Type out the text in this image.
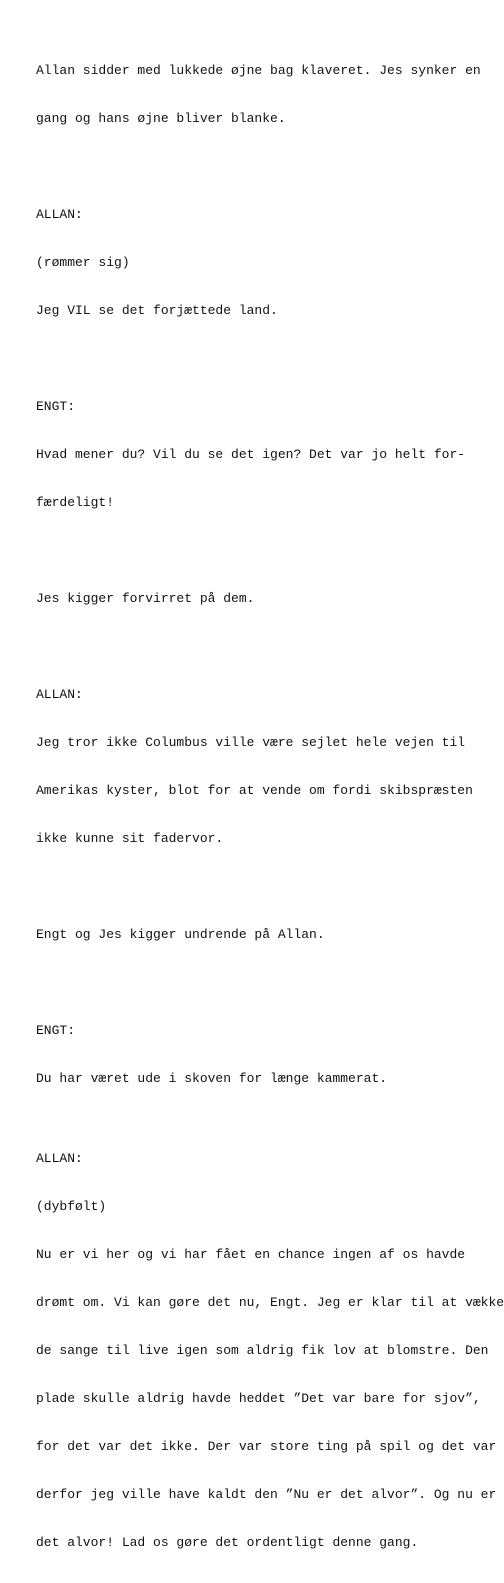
Allan sidder med lukkede øjne bag klaveret. Jes synker en

gang og hans øjne bliver blanke.

ALLAN:

(rømmer sig)

Jeg VIL se det forjættede land.

ENGT:

Hvad mener du? Vil du se det igen? Det var jo helt for-

færdeligt!

Jes kigger forvirret på dem.

ALLAN:

Jeg tror ikke Columbus ville være sejlet hele vejen til

Amerikas kyster, blot for at vende om fordi skibspræsten

ikke kunne sit fadervor.

Engt og Jes kigger undrende på Allan.

ENGT:

Du har været ude i skoven for længe kammerat.

ALLAN:

(dybfølt)

Nu er vi her og vi har fået en chance ingen af os havde

drømt om. Vi kan gøre det nu, Engt. Jeg er klar til at vække

de sange til live igen som aldrig fik lov at blomstre. Den

plade skulle aldrig havde heddet ”Det var bare for sjov”,

for det var det ikke. Der var store ting på spil og det var

derfor jeg ville have kaldt den ”Nu er det alvor”. Og nu er

det alvor! Lad os gøre det ordentligt denne gang.
